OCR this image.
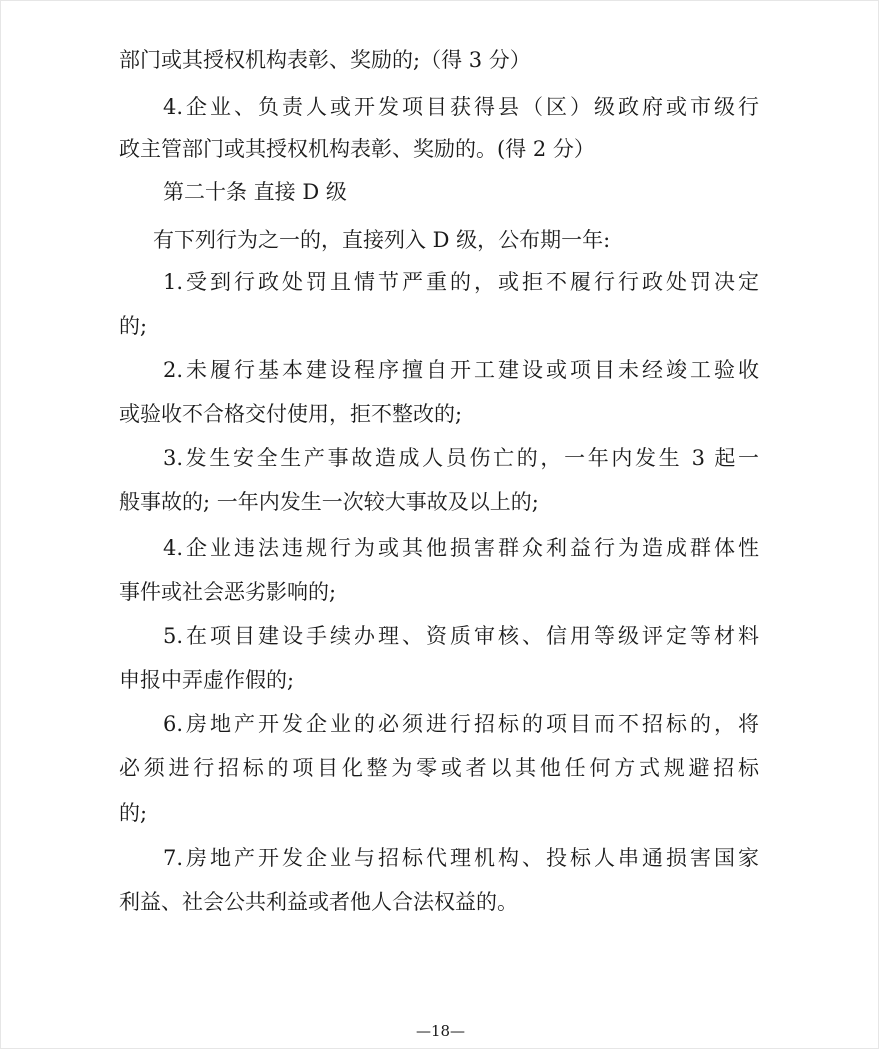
部门或其授权机构表彰、奖励的;（得 3 分）
4.企业、负责人或开发项目获得县（区）级政府或市级行
政主管部门或其授权机构表彰、奖励的。(得 2 分）
第二十条 直接 D 级
有下列行为之一的，直接列入 D 级，公布期一年:
1.受到行政处罚且情节严重的，或拒不履行行政处罚决定
的;
2.未履行基本建设程序擅自开工建设或项目未经竣工验收
或验收不合格交付使用，拒不整改的;
3.发生安全生产事故造成人员伤亡的，一年内发生 3 起一
般事故的; 一年内发生一次较大事故及以上的;
4.企业违法违规行为或其他损害群众利益行为造成群体性
事件或社会恶劣影响的;
5.在项目建设手续办理、资质审核、信用等级评定等材料
申报中弄虚作假的;
6.房地产开发企业的必须进行招标的项目而不招标的，将
必须进行招标的项目化整为零或者以其他任何方式规避招标
的;
7.房地产开发企业与招标代理机构、投标人串通损害国家
利益、社会公共利益或者他人合法权益的。
—18—
